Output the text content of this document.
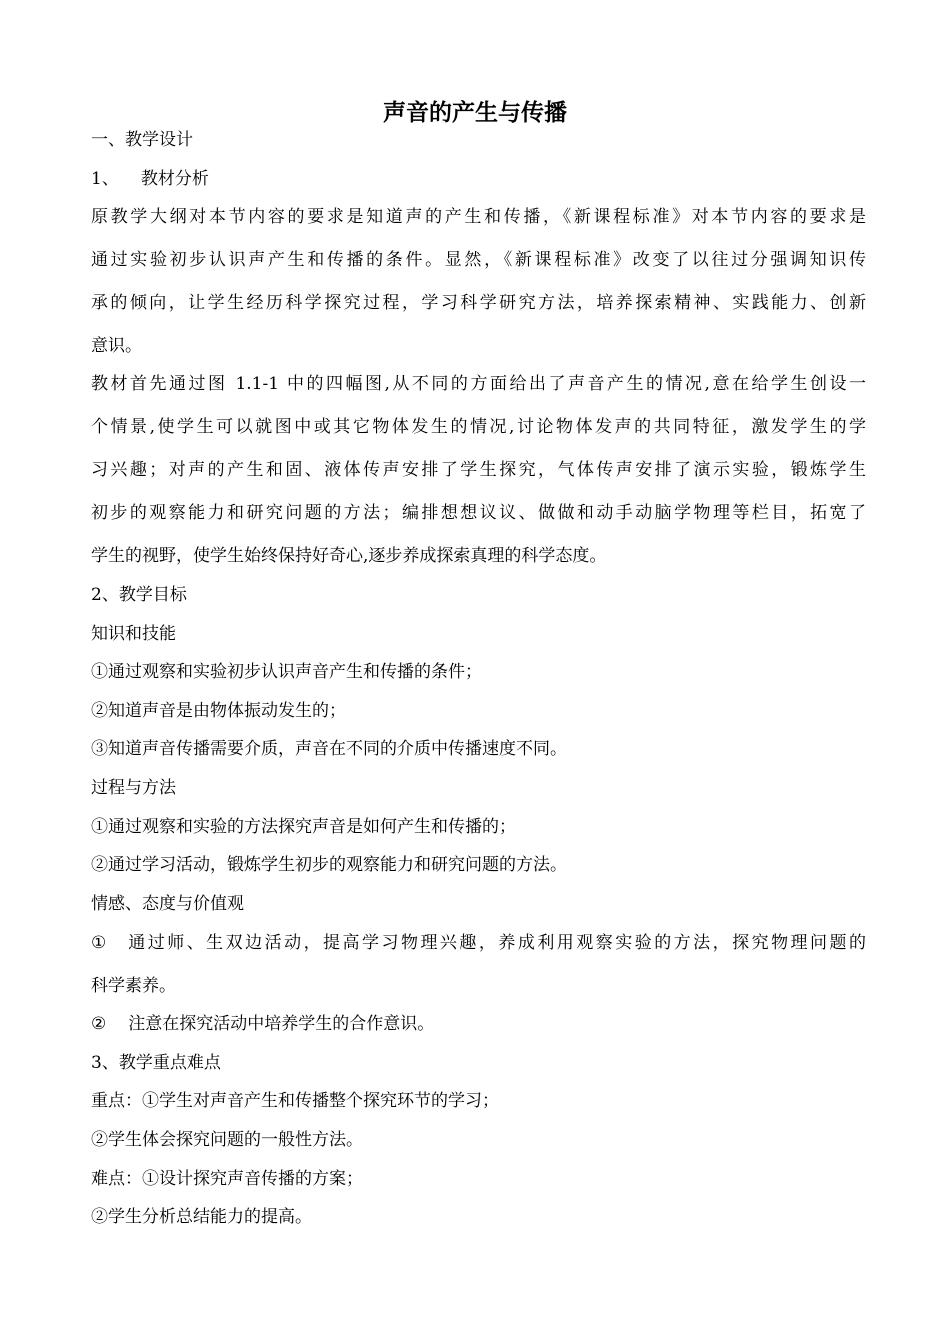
声音的产生与传播
一、教学设计
1、 教材分析
原教学大纲对本节内容的要求是知道声的产生和传播，《新课程标准》对本节内容的要求是
通过实验初步认识声产生和传播的条件。显然，《新课程标准》改变了以往过分强调知识传
承的倾向，让学生经历科学探究过程，学习科学研究方法，培养探索精神、实践能力、创新
意识。
教材首先通过图 1.1-1 中的四幅图,从不同的方面给出了声音产生的情况,意在给学生创设一
个情景,使学生可以就图中或其它物体发生的情况,讨论物体发声的共同特征，激发学生的学
习兴趣；对声的产生和固、液体传声安排了学生探究，气体传声安排了演示实验，锻炼学生
初步的观察能力和研究问题的方法；编排想想议议、做做和动手动脑学物理等栏目，拓宽了
学生的视野，使学生始终保持好奇心,逐步养成探索真理的科学态度。
2、教学目标
知识和技能
①通过观察和实验初步认识声音产生和传播的条件；
②知道声音是由物体振动发生的；
③知道声音传播需要介质，声音在不同的介质中传播速度不同。
过程与方法
①通过观察和实验的方法探究声音是如何产生和传播的；
②通过学习活动，锻炼学生初步的观察能力和研究问题的方法。
情感、态度与价值观
① 通过师、生双边活动，提高学习物理兴趣，养成利用观察实验的方法，探究物理问题的
科学素养。
② 注意在探究活动中培养学生的合作意识。
3、教学重点难点
重点：①学生对声音产生和传播整个探究环节的学习；
②学生体会探究问题的一般性方法。
难点：①设计探究声音传播的方案；
②学生分析总结能力的提高。
